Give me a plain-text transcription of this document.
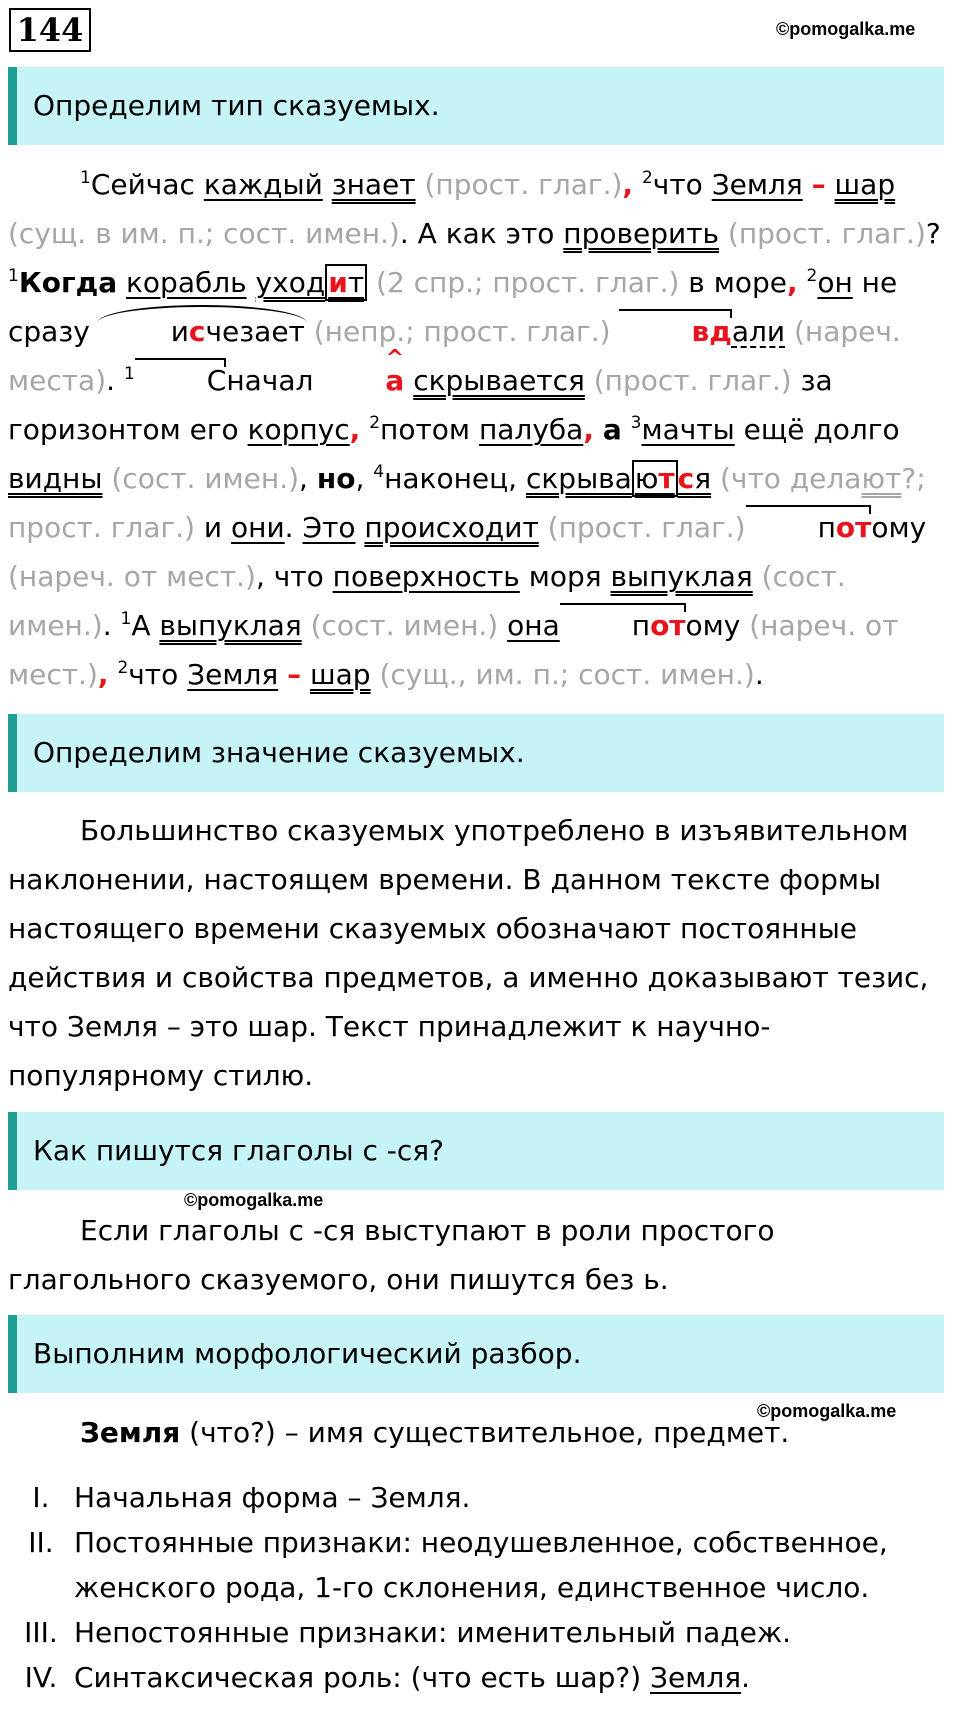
144	©pomogalka.me
Определим тип сказуемых.

$^1$Сейчас каждый знает (прост. глаг.), $^2$что Земля – шар (сущ. в им. п.; сост. имен.). А как это проверить (прост. глаг.)? $^1$Когда корабль уход ит (2 спр.; прост. глаг.) в море, $^2$он не сразу	исчезает (непр.; прост. глаг.)	вдали (нареч. места). $^1$	Сначал	а ^ скрывается (прост. глаг.) за горизонтом его корпус, $^2$потом палуба, а $^3$мачты ещё долго видны (сост. имен.), но, $^4$наконец, скрыва ют ся (что делают?; прост. глаг.) и они. Это происходит (прост. глаг.)	потому (нареч. от мест.), что поверхность моря выпуклая (сост. имен.). $^1$А выпуклая (сост. имен.) она	потому (нареч. от мест.), $^2$что Земля – шар (сущ., им. п.; сост. имен.).

Определим значение сказуемых.

Большинство сказуемых употреблено в изъявительном наклонении, настоящем времени. В данном тексте формы настоящего времени сказуемых обозначают постоянные действия и свойства предметов, а именно доказывают тезис, что Земля – это шар. Текст принадлежит к научно-популярному стилю.

Как пишутся глаголы с -ся?
©pomogalka.me

Если глаголы с -ся выступают в роли простого глагольного сказуемого, они пишутся без ь.

Выполним морфологический разбор.
©pomogalka.me

Земля (что?) – имя существительное, предмет.

I. Начальная форма – Земля.
II. Постоянные признаки: неодушевленное, собственное, женского рода, 1-го склонения, единственное число.
III. Непостоянные признаки: именительный падеж.
IV. Синтаксическая роль: (что есть шар?) Земля.
